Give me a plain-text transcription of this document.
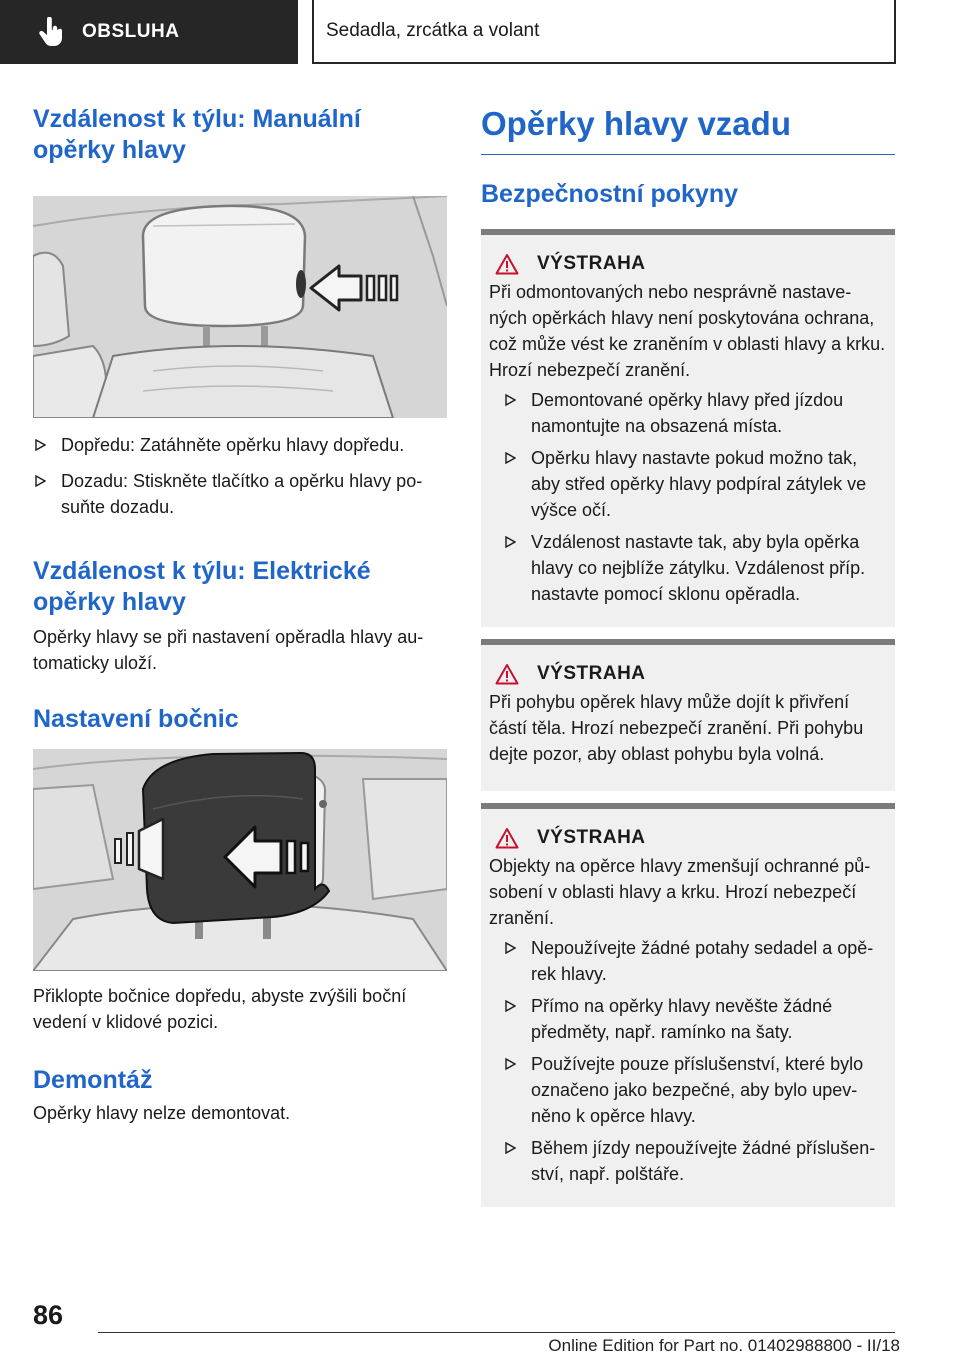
OBSLUHA	Sedadla, zrcátka a volant
Vzdálenost k týlu: Manuální opěrky hlavy
Dopředu: Zatáhněte opěrku hlavy dopředu.
Dozadu: Stiskněte tlačítko a opěrku hlavy po‐suňte dozadu.
Vzdálenost k týlu: Elektrické opěrky hlavy

Opěrky hlavy se při nastavení opěradla hlavy au‐tomaticky uloží.

Nastavení bočnic

Přiklopte bočnice dopředu, abyste zvýšili boční vedení v klidové pozici.

Demontáž

Opěrky hlavy nelze demontovat.

Opěrky hlavy vzadu
Bezpečnostní pokyny
VÝSTRAHA

Při odmontovaných nebo nesprávně nastave‐ných opěrkách hlavy není poskytována ochrana, což může vést ke zraněním v oblasti hlavy a krku. Hrozí nebezpečí zranění.

Demontované opěrky hlavy před jízdou namontujte na obsazená místa.
Opěrku hlavy nastavte pokud možno tak, aby střed opěrky hlavy podpíral zátylek ve výšce očí.
Vzdálenost nastavte tak, aby byla opěrka hlavy co nejblíže zátylku. Vzdálenost příp. nastavte pomocí sklonu opěradla.
VÝSTRAHA

Při pohybu opěrek hlavy může dojít k přivření částí těla. Hrozí nebezpečí zranění. Při pohybu dejte pozor, aby oblast pohybu byla volná.

VÝSTRAHA

Objekty na opěrce hlavy zmenšují ochranné pů‐sobení v oblasti hlavy a krku. Hrozí nebezpečí zranění.

Nepoužívejte žádné potahy sedadel a opě‐rek hlavy.
Přímo na opěrky hlavy nevěšte žádné předměty, např. ramínko na šaty.
Používejte pouze příslušenství, které bylo označeno jako bezpečné, aby bylo upev‐něno k opěrce hlavy.
Během jízdy nepoužívejte žádné příslušen‐ství, např. polštáře.
86
Online Edition for Part no. 01402988800 - II/18
